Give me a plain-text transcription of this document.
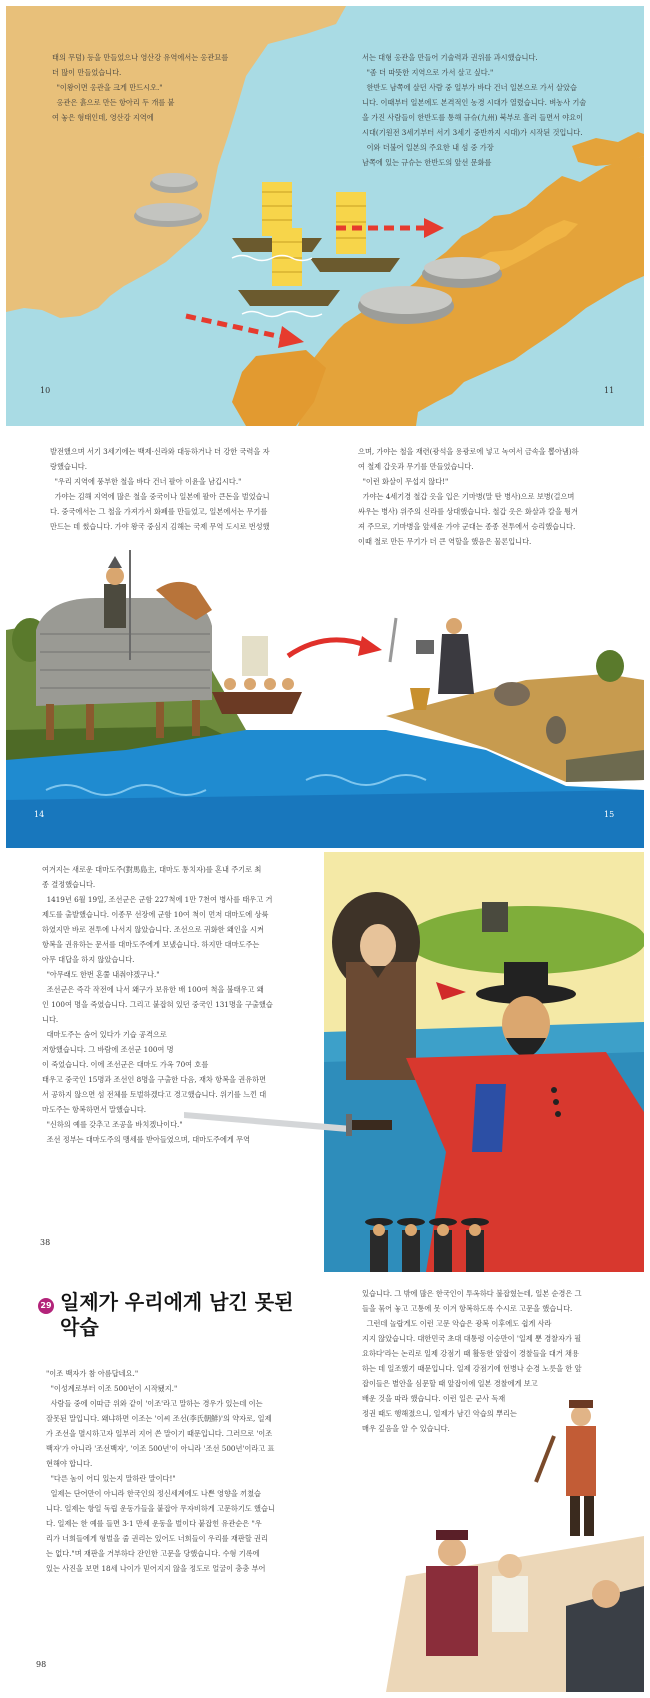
태의 무덤) 등을 만들었으나 영산강 유역에서는 옹관묘를
더 많이 만들었습니다.
"이왕이면 옹관을 크게 만드시오."
옹관은 흙으로 만든 항아리 두 개를 붙
여 놓은 형태인데, 영산강 지역에
서는 대형 옹관을 만들어 기술력과 권위를 과시했습니다.
"좀 더 따뜻한 지역으로 가서 살고 싶다."
한반도 남쪽에 살던 사람 중 일부가 바다 건너 일본으로 가서 살았습
니다. 이때부터 일본에도 본격적인 농경 시대가 열렸습니다. 벼농사 기술
을 가진 사람들이 한반도를 통해 규슈(九州) 북부로 흘러 들면서 야요이
시대(기원전 3세기부터 서기 3세기 중반까지 시대)가 시작된 것입니다.
이와 더불어 일본의 주요한 내 섬 중 가장
남쪽에 있는 규슈는 한반도의 앞선 문화를
10	11
발전했으며 서기 3세기에는 백제·신라와 대등하거나 더 강한 국력을 자
랑했습니다.
"우리 지역에 풍부한 철을 바다 건너 팔아 이윤을 남깁시다."
가야는 김해 지역에 많은 철을 중국이나 일본에 팔아 큰돈을 벌었습니
다. 중국에서는 그 철을 가져가서 화폐를 만들었고, 일본에서는 무기를
만드는 데 썼습니다. 가야 왕국 중심지 김해는 국제 무역 도시로 번성했
으며, 가야는 철을 재련(광석을 용광로에 넣고 녹여서 금속을 뽑아냄)하
여 철제 갑옷과 무기를 만들었습니다.
"이런 화살이 무섭지 않다!"
가야는 4세기경 철갑 옷을 입은 기마병(말 탄 병사)으로 보병(걸으며
싸우는 병사) 위주의 신라를 상대했습니다. 철갑 옷은 화살과 칼을 튕겨
져 주므로, 기마병을 앞세운 가야 군대는 종종 전투에서 승리했습니다.
이때 철로 만든 무기가 더 큰 역할을 했음은 물론입니다.
14	15
여겨지는 새로운 대마도주(對馬島主, 대마도 통치자)를 혼내 주기로 최
종 결정했습니다.
1419년 6월 19일, 조선군은 군함 227척에 1만 7천여 병사를 태우고 거
제도를 출발했습니다. 이종무 선장에 군함 10여 척이 먼저 대마도에 상륙
하였지만 바로 전투에 나서지 않았습니다. 조선으로 귀화한 왜인을 시켜
항복을 권유하는 문서를 대마도주에게 보냈습니다. 하지만 대마도주는
아무 대답을 하지 않았습니다.
"아무래도 한번 혼쭐 내줘야겠구나."
조선군은 즉각 작전에 나서 왜구가 보유한 배 100여 척을 불태우고 왜
인 100여 명을 죽였습니다. 그리고 붙잡혀 있던 중국인 131명을 구출했습
니다.
대마도주는 숨어 있다가 기습 공격으로
저항했습니다. 그 바람에 조선군 100여 명
이 죽었습니다. 이에 조선군은 대마도 가옥 70여 호를
태우고 중국인 15명과 조선인 8명을 구출한 다음, 재차 항복을 권유하면
서 공하지 않으면 섬 전체를 토벌하겠다고 경고했습니다. 위기를 느낀 대
마도주는 항복하면서 말했습니다.
"신하의 예를 갖추고 조공을 바치겠나이다."
조선 정부는 대마도주의 맹세를 받아들였으며, 대마도주에게 무역
38
29 일제가 우리에게 남긴 못된
악습
"이조 백자가 참 아름답네요."
"이성계로부터 이조 500년이 시작됐지."
사람들 중에 이따금 위와 같이 '이조'라고 말하는 경우가 있는데 이는
잘못된 말입니다. 왜냐하면 이조는 '이씨 조선(李氏朝鮮)'의 약자로, 일제
가 조선을 멸시하고자 일부러 지어 쓴 말이기 때문입니다. 그러므로 '이조
백자'가 아니라 '조선백자', '이조 500년'이 아니라 '조선 500년'이라고 표
현해야 합니다.
"다른 놈이 어디 있는지 말하란 말이다!"
일제는 단어만이 아니라 한국인의 정신세계에도 나쁜 영향을 끼쳤습
니다. 일제는 항일 독립 운동가들을 붙잡아 무자비하게 고문하기도 했습니
다. 일제는 한 예를 들면 3·1 만세 운동을 벌이다 붙잡힌 유관순은 "우
리가 너희들에게 형벌을 줄 권리는 있어도 너희들이 우리를 재판할 권리
는 없다."며 재판을 거부하다 잔인한 고문을 당했습니다. 수형 기록에
있는 사진을 보면 18세 나이가 믿어지지 않을 정도로 얼굴이 충충 부어
있습니다. 그 밖에 많은 한국인이 투옥하다 불잡혔는데, 일본 순경은 그
들을 묶어 놓고 고통에 못 이겨 항복하도록 수시로 고문을 했습니다.
그런데 놀랍게도 이런 고문 악습은 광복 이후에도 쉽게 사라
지지 않았습니다. 대한민국 초대 대통령 이승만이 '일제 뿐 경찰자가 필
요하다'라는 논리로 일제 강점기 때 활동한 앞잡이 경찰들을 대거 채용
하는 데 일조했기 때문입니다. 일제 강점기에 헌병나 순경 노릇을 한 앞
잡이들은 별안을 심문할 때 앞잡이에 일본 경찰에게 보고
배운 것을 따라 했습니다. 이런 일은 군사 독재
정권 때도 행해졌으니, 일제가 남긴 악습의 뿌리는
매우 깊음을 알 수 있습니다.
98
